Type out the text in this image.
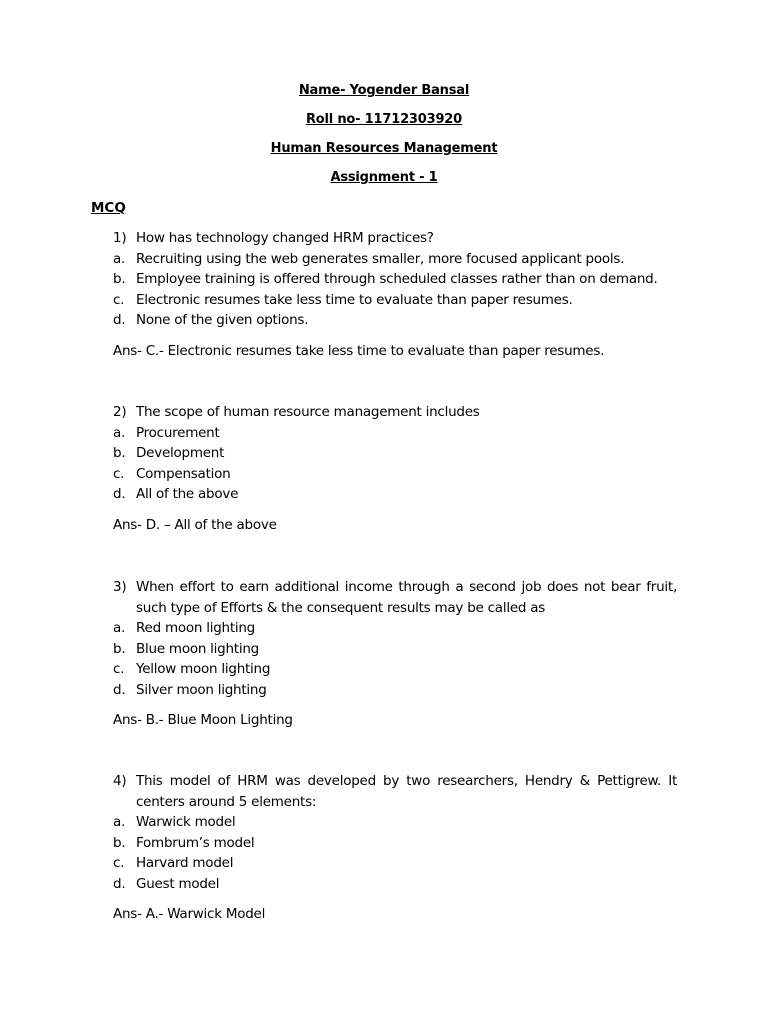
Name- Yogender Bansal
Roll no- 11712303920
Human Resources Management
Assignment - 1
MCQ
1) How has technology changed HRM practices?
a. Recruiting using the web generates smaller, more focused applicant pools.
b. Employee training is offered through scheduled classes rather than on demand.
c. Electronic resumes take less time to evaluate than paper resumes.
d. None of the given options.
Ans- C.- Electronic resumes take less time to evaluate than paper resumes.
2) The scope of human resource management includes
a. Procurement
b. Development
c. Compensation
d. All of the above
Ans- D. – All of the above
3) When effort to earn additional income through a second job does not bear fruit, such type of Efforts & the consequent results may be called as
a. Red moon lighting
b. Blue moon lighting
c. Yellow moon lighting
d. Silver moon lighting
Ans- B.- Blue Moon Lighting
4) This model of HRM was developed by two researchers, Hendry & Pettigrew. It centers around 5 elements:
a. Warwick model
b. Fombrum’s model
c. Harvard model
d. Guest model
Ans- A.- Warwick Model
